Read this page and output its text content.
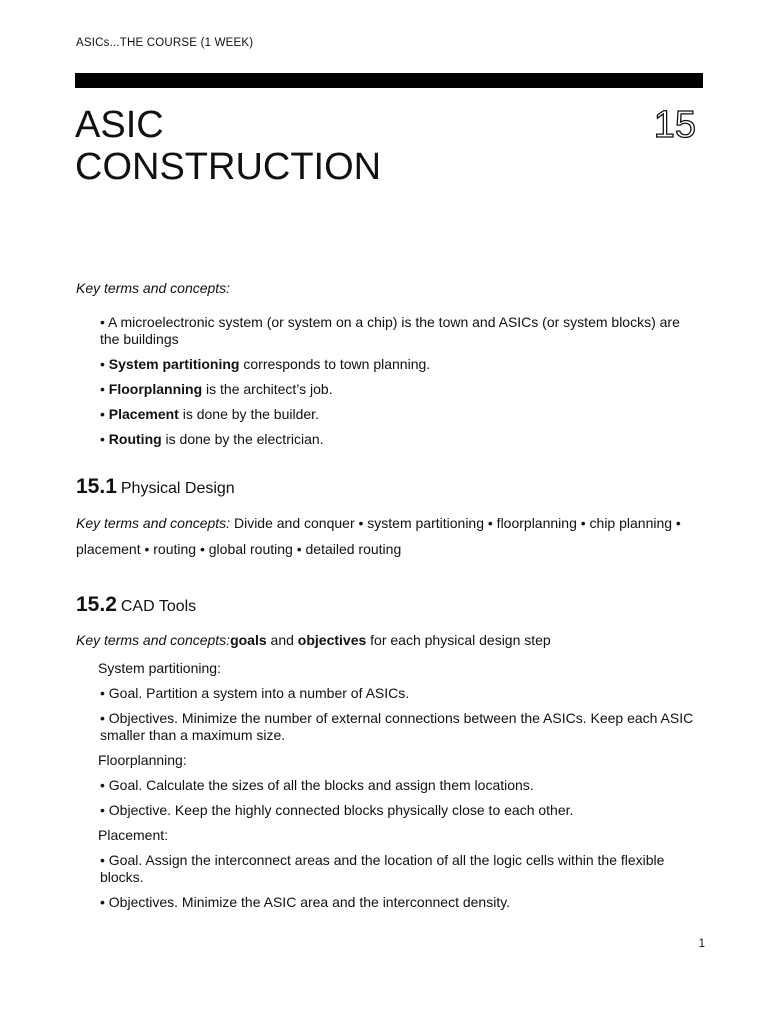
ASICs...THE COURSE (1 WEEK)
ASIC
CONSTRUCTION
15
Key terms and concepts:
• A microelectronic system (or system on a chip) is the town and ASICs (or system blocks) are the buildings
• System partitioning corresponds to town planning.
• Floorplanning is the architect’s job.
• Placement is done by the builder.
• Routing is done by the electrician.
15.1 Physical Design
Key terms and concepts: Divide and conquer • system partitioning • floorplanning • chip planning • placement • routing • global routing • detailed routing
15.2 CAD Tools
Key terms and concepts:goals and objectives for each physical design step
System partitioning:
• Goal. Partition a system into a number of ASICs.
• Objectives. Minimize the number of external connections between the ASICs. Keep each ASIC smaller than a maximum size.
Floorplanning:
• Goal. Calculate the sizes of all the blocks and assign them locations.
• Objective. Keep the highly connected blocks physically close to each other.
Placement:
• Goal. Assign the interconnect areas and the location of all the logic cells within the flexible blocks.
• Objectives. Minimize the ASIC area and the interconnect density.
1
